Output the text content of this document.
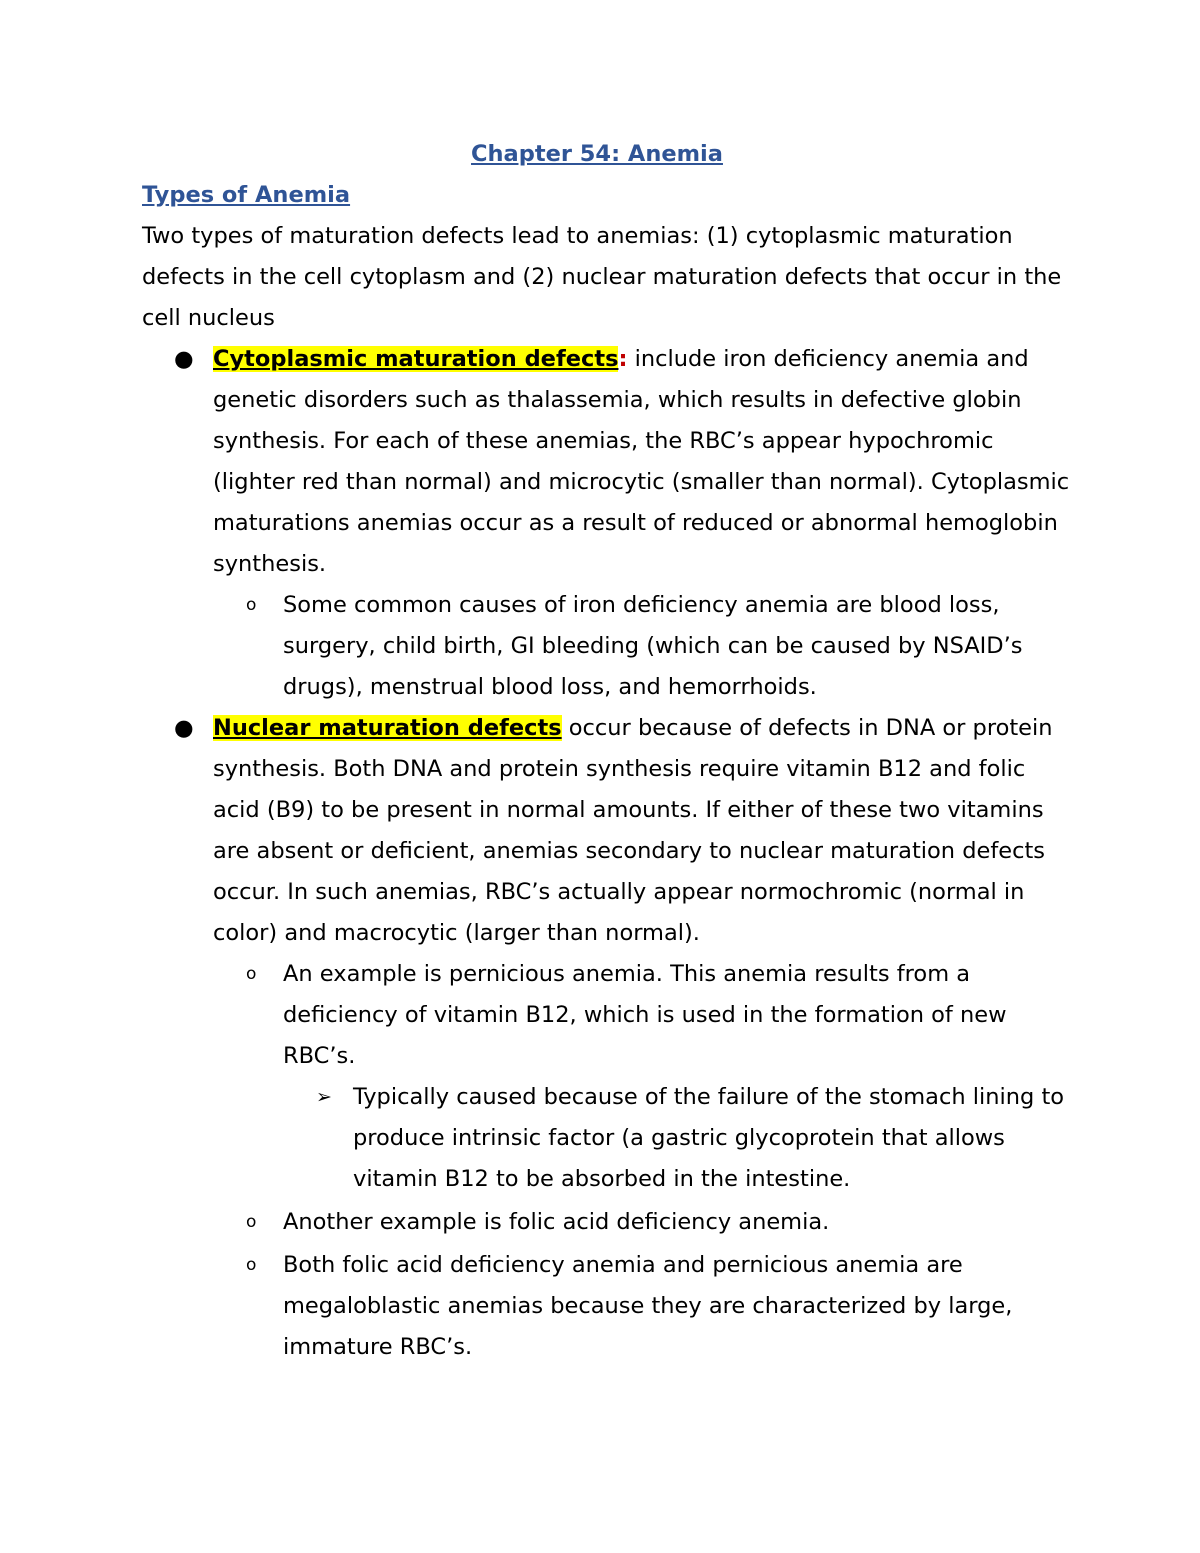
Chapter 54: Anemia

Types of Anemia

Two types of maturation defects lead to anemias: (1) cytoplasmic maturation defects in the cell cytoplasm and (2) nuclear maturation defects that occur in the cell nucleus

● Cytoplasmic maturation defects: include iron deficiency anemia and genetic disorders such as thalassemia, which results in defective globin synthesis. For each of these anemias, the RBC’s appear hypochromic (lighter red than normal) and microcytic (smaller than normal). Cytoplasmic maturations anemias occur as a result of reduced or abnormal hemoglobin synthesis.
o Some common causes of iron deficiency anemia are blood loss, surgery, child birth, GI bleeding (which can be caused by NSAID’s drugs), menstrual blood loss, and hemorrhoids.
● Nuclear maturation defects occur because of defects in DNA or protein synthesis. Both DNA and protein synthesis require vitamin B12 and folic acid (B9) to be present in normal amounts. If either of these two vitamins are absent or deficient, anemias secondary to nuclear maturation defects occur. In such anemias, RBC’s actually appear normochromic (normal in color) and macrocytic (larger than normal).
o An example is pernicious anemia. This anemia results from a deficiency of vitamin B12, which is used in the formation of new RBC’s.
➢ Typically caused because of the failure of the stomach lining to produce intrinsic factor (a gastric glycoprotein that allows vitamin B12 to be absorbed in the intestine.
o Another example is folic acid deficiency anemia.
o Both folic acid deficiency anemia and pernicious anemia are megaloblastic anemias because they are characterized by large, immature RBC’s.
